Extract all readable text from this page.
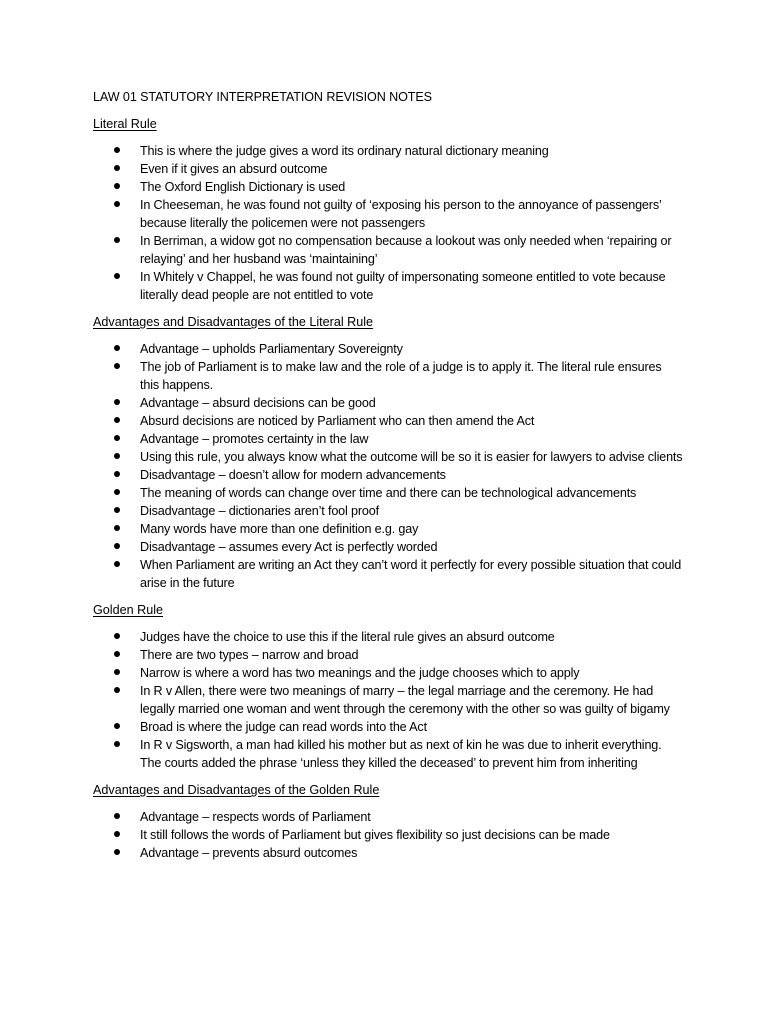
LAW 01 STATUTORY INTERPRETATION REVISION NOTES
Literal Rule
This is where the judge gives a word its ordinary natural dictionary meaning
Even if it gives an absurd outcome
The Oxford English Dictionary is used
In Cheeseman, he was found not guilty of ‘exposing his person to the annoyance of passengers’ because literally the policemen were not passengers
In Berriman, a widow got no compensation because a lookout was only needed when ‘repairing or relaying’ and her husband was ‘maintaining’
In Whitely v Chappel, he was found not guilty of impersonating someone entitled to vote because literally dead people are not entitled to vote
Advantages and Disadvantages of the Literal Rule
Advantage – upholds Parliamentary Sovereignty
The job of Parliament is to make law and the role of a judge is to apply it. The literal rule ensures this happens.
Advantage – absurd decisions can be good
Absurd decisions are noticed by Parliament who can then amend the Act
Advantage – promotes certainty in the law
Using this rule, you always know what the outcome will be so it is easier for lawyers to advise clients
Disadvantage – doesn’t allow for modern advancements
The meaning of words can change over time and there can be technological advancements
Disadvantage – dictionaries aren’t fool proof
Many words have more than one definition e.g. gay
Disadvantage – assumes every Act is perfectly worded
When Parliament are writing an Act they can’t word it perfectly for every possible situation that could arise in the future
Golden Rule
Judges have the choice to use this if the literal rule gives an absurd outcome
There are two types – narrow and broad
Narrow is where a word has two meanings and the judge chooses which to apply
In R v Allen, there were two meanings of marry – the legal marriage and the ceremony. He had legally married one woman and went through the ceremony with the other so was guilty of bigamy
Broad is where the judge can read words into the Act
In R v Sigsworth, a man had killed his mother but as next of kin he was due to inherit everything. The courts added the phrase ‘unless they killed the deceased’ to prevent him from inheriting
Advantages and Disadvantages of the Golden Rule
Advantage – respects words of Parliament
It still follows the words of Parliament but gives flexibility so just decisions can be made
Advantage – prevents absurd outcomes
